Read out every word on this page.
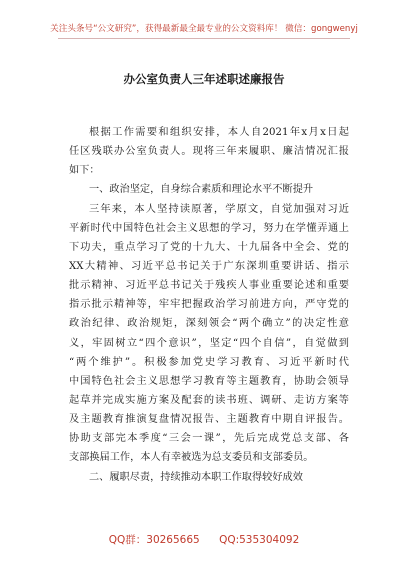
关注头条号“公文研究”，获得最新最全最专业的公文资料库！ 微信：gongwenyj
办公室负责人三年述职述廉报告
根据工作需要和组织安排，本人自2021年x月x日起
任区残联办公室负责人。现将三年来履职、廉洁情况汇报
如下：
一、政治坚定，自身综合素质和理论水平不断提升
三年来，本人坚持读原著，学原文，自觉加强对习近
平新时代中国特色社会主义思想的学习，努力在学懂弄通上
下功夫，重点学习了党的十九大、十九届各中全会、党的
XX大精神、习近平总书记关于广东深圳重要讲话、指示
批示精神、习近平总书记关于残疾人事业重要论述和重要
指示批示精神等，牢牢把握政治学习前进方向，严守党的
政治纪律、政治规矩，深刻领会“两个确立”的决定性意
义，牢固树立“四个意识”，坚定“四个自信”，自觉做到
“两个维护”。积极参加党史学习教育、习近平新时代
中国特色社会主义思想学习教育等主题教育，协助会领导
起草并完成实施方案及配套的读书班、调研、走访方案等
及主题教育推演复盘情况报告、主题教育中期自评报告。
协助支部完本季度“三会一课”，先后完成党总支部、各
支部换届工作，本人有幸被选为总支委员和支部委员。
二、履职尽责，持续推动本职工作取得较好成效
QQ群：30265665 QQ:535304092
